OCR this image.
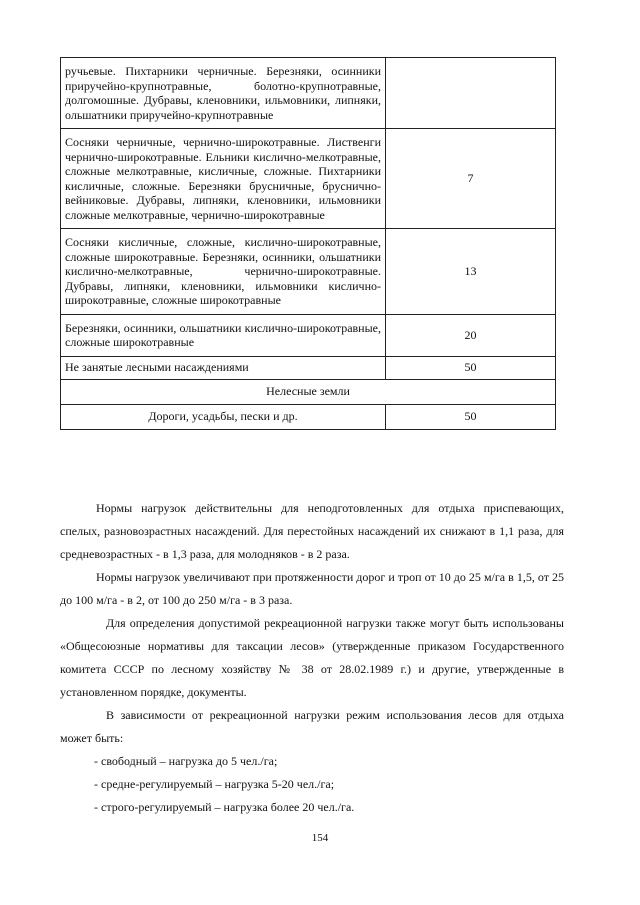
ручьевые. Пихтарники черничные. Березняки, осинники приручейно-крупнотравные, болотно-крупнотравные, долгомошные. Дубравы, кленовники, ильмовники, липняки, ольшатники приручейно-крупнотравные	
Сосняки черничные, чернично-широкотравные. Лиственги чернично-широкотравные. Ельники кислично-мелкотравные, сложные мелкотравные, кисличные, сложные. Пихтарники кисличные, сложные. Березняки брусничные, бруснично-вейниковые. Дубравы, липняки, кленовники, ильмовники сложные мелкотравные, чернично-широкотравные	7
Сосняки кисличные, сложные, кислично-широкотравные, сложные широкотравные. Березняки, осинники, ольшатники кислично-мелкотравные, чернично-широкотравные. Дубравы, липняки, кленовники, ильмовники кислично-широкотравные, сложные широкотравные	13
Березняки, осинники, ольшатники кислично-широкотравные, сложные широкотравные	20
Не занятые лесными насаждениями	50
Нелесные земли	
Дороги, усадьбы, пески и др.	50

Нормы нагрузок действительны для неподготовленных для отдыха приспевающих, спелых, разновозрастных насаждений. Для перестойных насаждений их снижают в 1,1 раза, для средневозрастных - в 1,3 раза, для молодняков - в 2 раза.

Нормы нагрузок увеличивают при протяженности дорог и троп от 10 до 25 м/га в 1,5, от 25 до 100 м/га - в 2, от 100 до 250 м/га - в 3 раза.

Для определения допустимой рекреационной нагрузки также могут быть использованы «Общесоюзные нормативы для таксации лесов» (утвержденные приказом Государственного комитета СССР по лесному хозяйству № 38 от 28.02.1989 г.) и другие, утвержденные в установленном порядке, документы.

В зависимости от рекреационной нагрузки режим использования лесов для отдыха может быть:

- свободный – нагрузка до 5 чел./га;

- средне-регулируемый – нагрузка 5-20 чел./га;

- строго-регулируемый – нагрузка более 20 чел./га.

154
